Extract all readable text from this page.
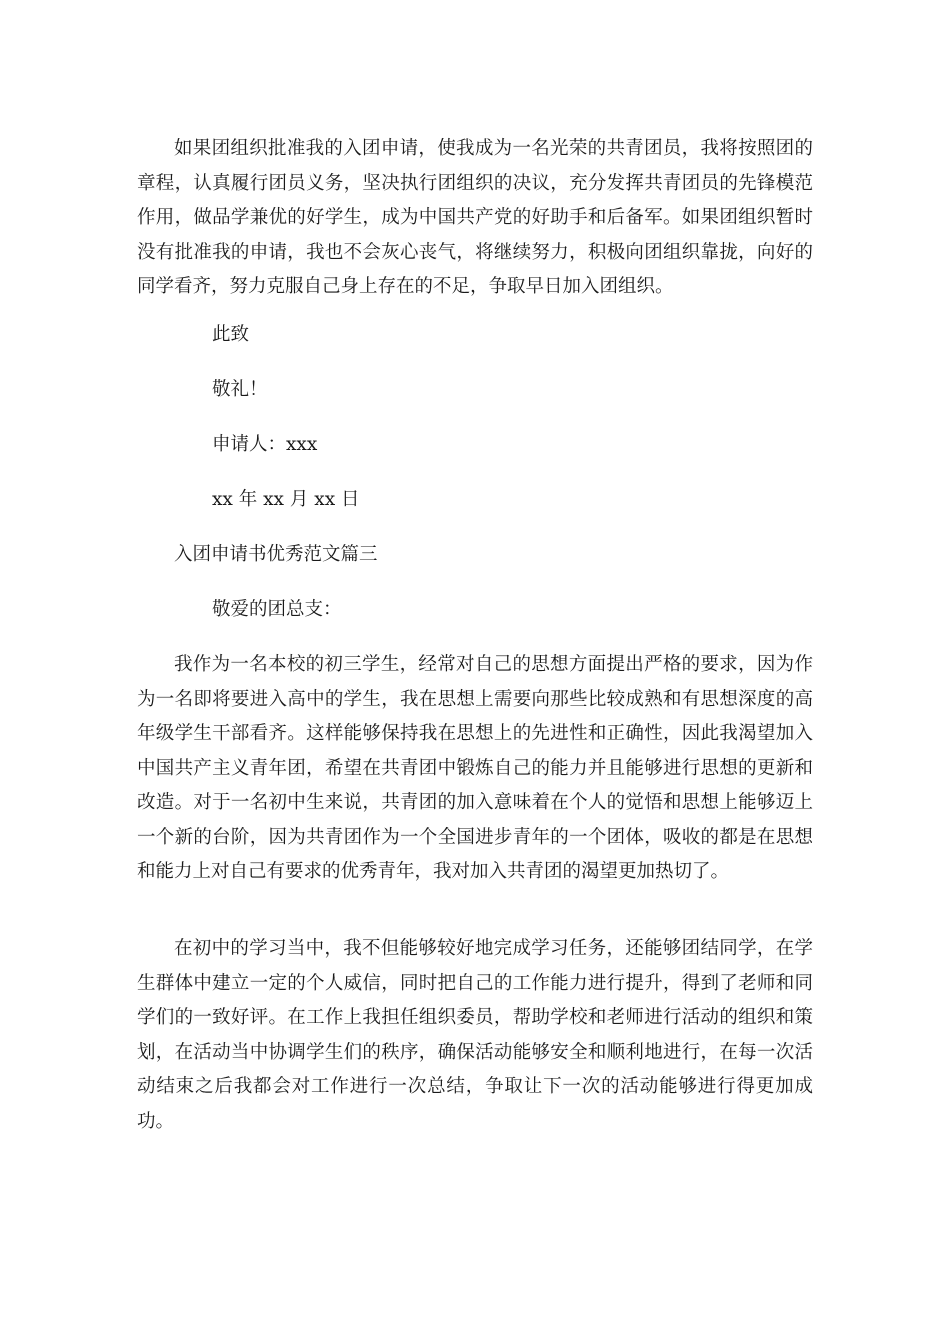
如果团组织批准我的入团申请，使我成为一名光荣的共青团员，我将按照团的章程，认真履行团员义务，坚决执行团组织的决议，充分发挥共青团员的先锋模范作用，做品学兼优的好学生，成为中国共产党的好助手和后备军。如果团组织暂时没有批准我的申请，我也不会灰心丧气，将继续努力，积极向团组织靠拢，向好的同学看齐，努力克服自己身上存在的不足，争取早日加入团组织。

此致

敬礼！

申请人：xxx

xx 年 xx 月 xx 日

入团申请书优秀范文篇三

敬爱的团总支：

我作为一名本校的初三学生，经常对自己的思想方面提出严格的要求，因为作为一名即将要进入高中的学生，我在思想上需要向那些比较成熟和有思想深度的高年级学生干部看齐。这样能够保持我在思想上的先进性和正确性，因此我渴望加入中国共产主义青年团，希望在共青团中锻炼自己的能力并且能够进行思想的更新和改造。对于一名初中生来说，共青团的加入意味着在个人的觉悟和思想上能够迈上一个新的台阶，因为共青团作为一个全国进步青年的一个团体，吸收的都是在思想和能力上对自己有要求的优秀青年，我对加入共青团的渴望更加热切了。

在初中的学习当中，我不但能够较好地完成学习任务，还能够团结同学，在学生群体中建立一定的个人威信，同时把自己的工作能力进行提升，得到了老师和同学们的一致好评。在工作上我担任组织委员，帮助学校和老师进行活动的组织和策划，在活动当中协调学生们的秩序，确保活动能够安全和顺利地进行，在每一次活动结束之后我都会对工作进行一次总结，争取让下一次的活动能够进行得更加成功。
